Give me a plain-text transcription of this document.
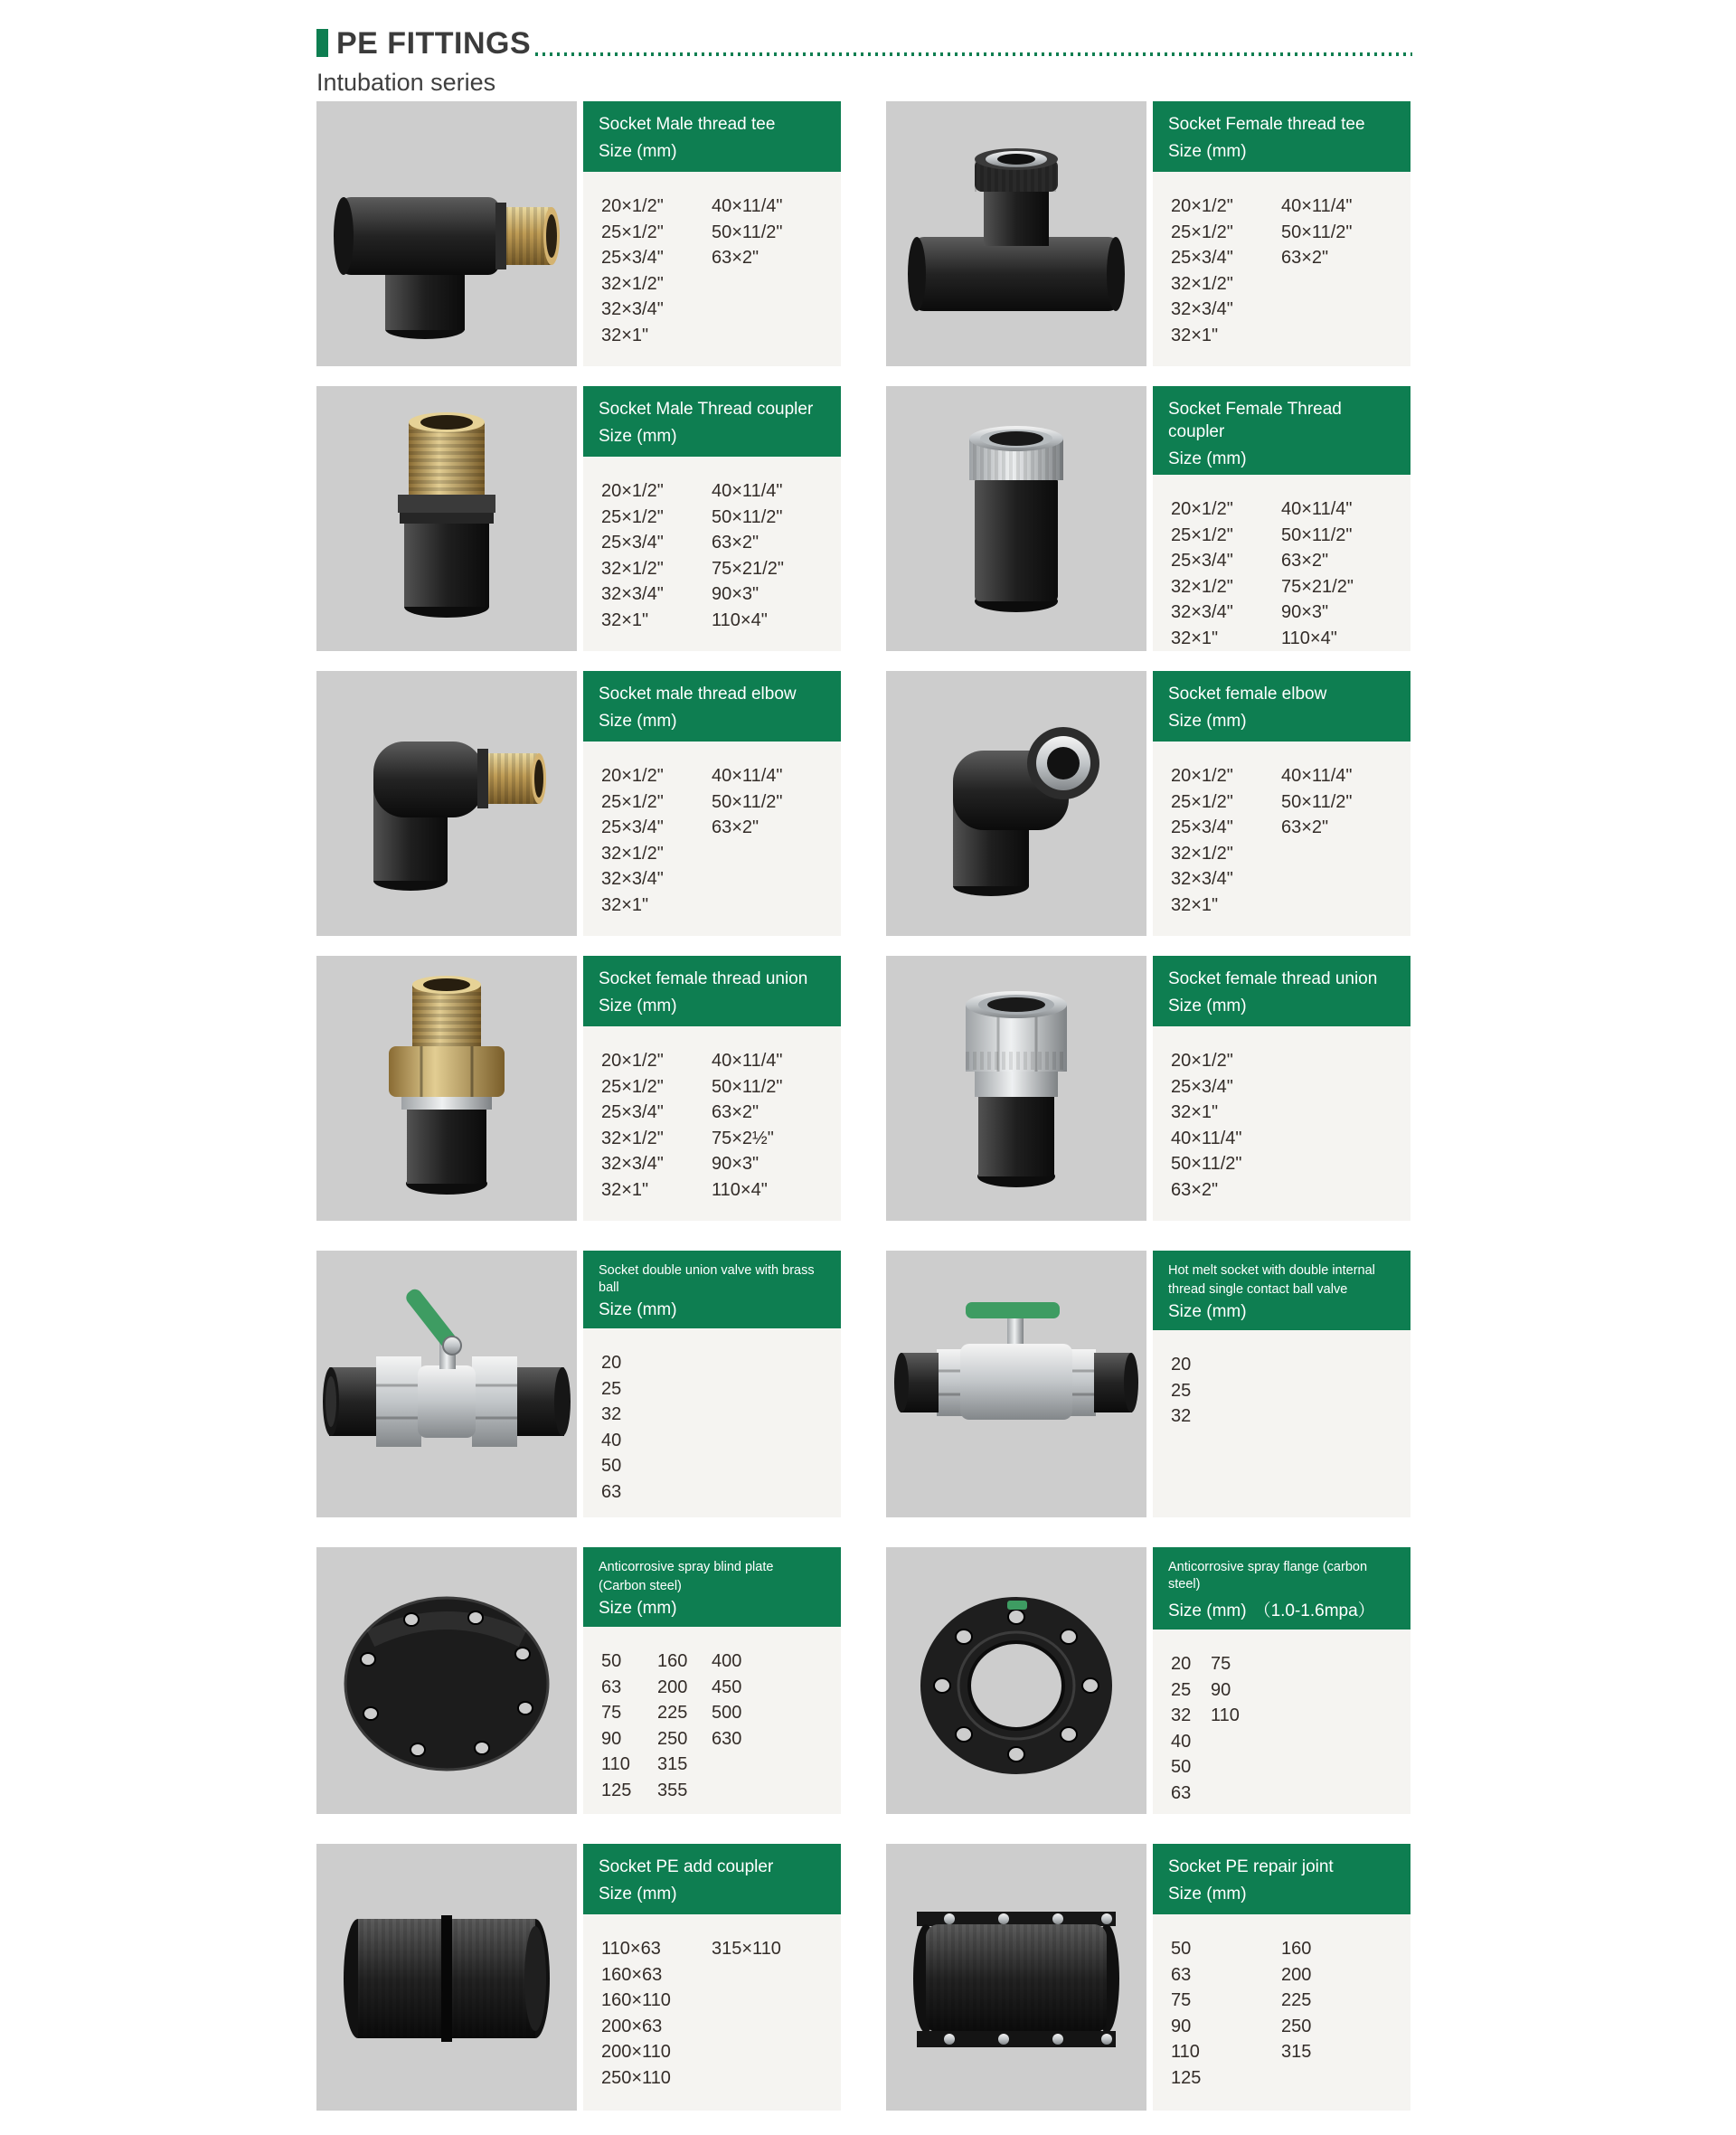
PE FITTINGS
Intubation series
Socket Male thread tee
Size (mm)
20×1/2"
25×1/2"
25×3/4"
32×1/2"
32×3/4"
32×1"
40×11/4"
50×11/2"
63×2"
Socket Female thread tee
Size (mm)
20×1/2"
25×1/2"
25×3/4"
32×1/2"
32×3/4"
32×1"
40×11/4"
50×11/2"
63×2"
Socket Male Thread coupler
Size (mm)
20×1/2"
25×1/2"
25×3/4"
32×1/2"
32×3/4"
32×1"
40×11/4"
50×11/2"
63×2"
75×21/2"
90×3"
110×4"
Socket Female Thread coupler
Size (mm)
20×1/2"
25×1/2"
25×3/4"
32×1/2"
32×3/4"
32×1"
40×11/4"
50×11/2"
63×2"
75×21/2"
90×3"
110×4"
Socket male thread elbow
Size (mm)
20×1/2"
25×1/2"
25×3/4"
32×1/2"
32×3/4"
32×1"
40×11/4"
50×11/2"
63×2"
Socket female elbow
Size (mm)
20×1/2"
25×1/2"
25×3/4"
32×1/2"
32×3/4"
32×1"
40×11/4"
50×11/2"
63×2"
Socket female thread union
Size (mm)
20×1/2"
25×1/2"
25×3/4"
32×1/2"
32×3/4"
32×1"
40×11/4"
50×11/2"
63×2"
75×2½"
90×3"
110×4"
Socket female thread union
Size (mm)
20×1/2"
25×3/4"
32×1"
40×11/4"
50×11/2"
63×2"
Socket double union valve with brass ball
Size (mm)
20
25
32
40
50
63
Hot melt socket with double internal
thread single contact ball valve
Size (mm)
20
25
32
Anticorrosive spray blind plate
(Carbon steel)
Size (mm)
50
63
75
90
110
125
160
200
225
250
315
355
400
450
500
630
Anticorrosive spray flange (carbon steel)
Size (mm) （1.0-1.6mpa）
20
25
32
40
50
63
75
90
110
Socket PE add coupler
Size (mm)
110×63
160×63
160×110
200×63
200×110
250×110
315×110
Socket PE repair joint
Size (mm)
50
63
75
90
110
125
160
200
225
250
315
